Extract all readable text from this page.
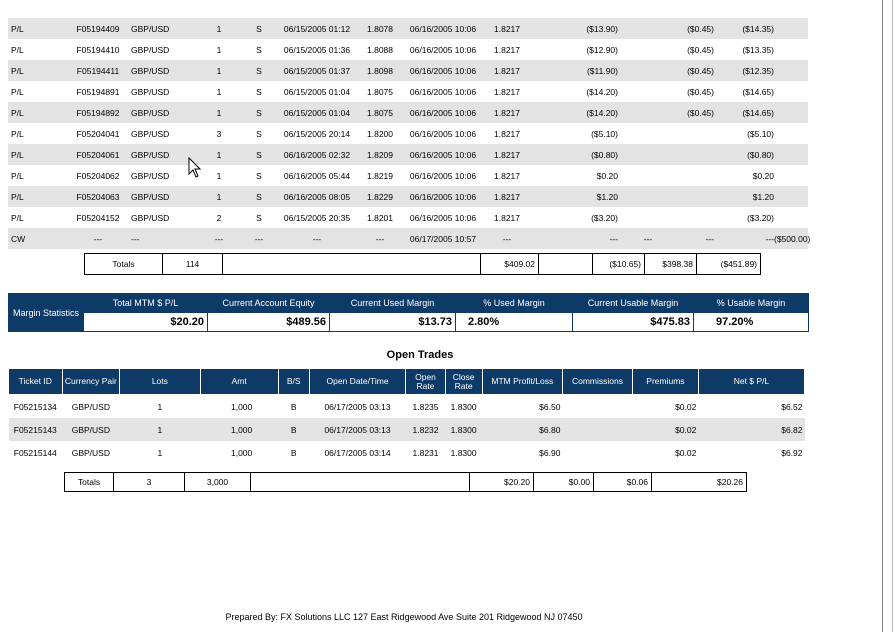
P/L	F05194409	GBP/USD	1	S	06/15/2005 01:12	1.8078	06/16/2005 10:06	1.8217	($13.90)		($0.45)	($14.35)	
P/L	F05194410	GBP/USD	1	S	06/15/2005 01:36	1.8088	06/16/2005 10:06	1.8217	($12.90)		($0.45)	($13.35)	
P/L	F05194411	GBP/USD	1	S	06/15/2005 01:37	1.8098	06/16/2005 10:06	1.8217	($11.90)		($0.45)	($12.35)	
P/L	F05194891	GBP/USD	1	S	06/15/2005 01:04	1.8075	06/16/2005 10:06	1.8217	($14.20)		($0.45)	($14.65)	
P/L	F05194892	GBP/USD	1	S	06/15/2005 01:04	1.8075	06/16/2005 10:06	1.8217	($14.20)		($0.45)	($14.65)	
P/L	F05204041	GBP/USD	3	S	06/15/2005 20:14	1.8200	06/16/2005 10:06	1.8217	($5.10)			($5.10)	
P/L	F05204061	GBP/USD	1	S	06/16/2005 02:32	1.8209	06/16/2005 10:06	1.8217	($0.80)			($0.80)	
P/L	F05204062	GBP/USD	1	S	06/16/2005 05:44	1.8219	06/16/2005 10:06	1.8217	$0.20			$0.20	
P/L	F05204063	GBP/USD	1	S	06/16/2005 08:05	1.8229	06/16/2005 10:06	1.8217	$1.20			$1.20	
P/L	F05204152	GBP/USD	2	S	06/15/2005 20:35	1.8201	06/16/2005 10:06	1.8217	($3.20)			($3.20)	
CW	---	---	---	---	---	---	06/17/2005 10:57	---	---	---	---	---	($500.00)
Totals	114		$409.02		($10.65)	$398.38	($451.89)
Margin Statistics	Total MTM $ P/L	Current Account Equity	Current Used Margin	% Used Margin	Current Usable Margin	% Usable Margin
	$20.20	$489.56	$13.73	2.80%	$475.83	97.20%
Open Trades
Ticket ID	Currency Pair	Lots	Amt	B/S	Open Date/Time	Open Rate	Close Rate	MTM Profit/Loss	Commissions	Premiums	Net $ P/L
F05215134	GBP/USD	1	1,000	B	06/17/2005 03:13	1.8235	1.8300	$6.50		$0.02	$6.52
F05215143	GBP/USD	1	1,000	B	06/17/2005 03:13	1.8232	1.8300	$6.80		$0.02	$6.82
F05215144	GBP/USD	1	1,000	B	06/17/2005 03:14	1.8231	1.8300	$6.90		$0.02	$6.92
Totals	3	3,000		$20.20	$0.00	$0.06	$20.26
Prepared By: FX Solutions LLC 127 East Ridgewood Ave Suite 201 Ridgewood NJ 07450
